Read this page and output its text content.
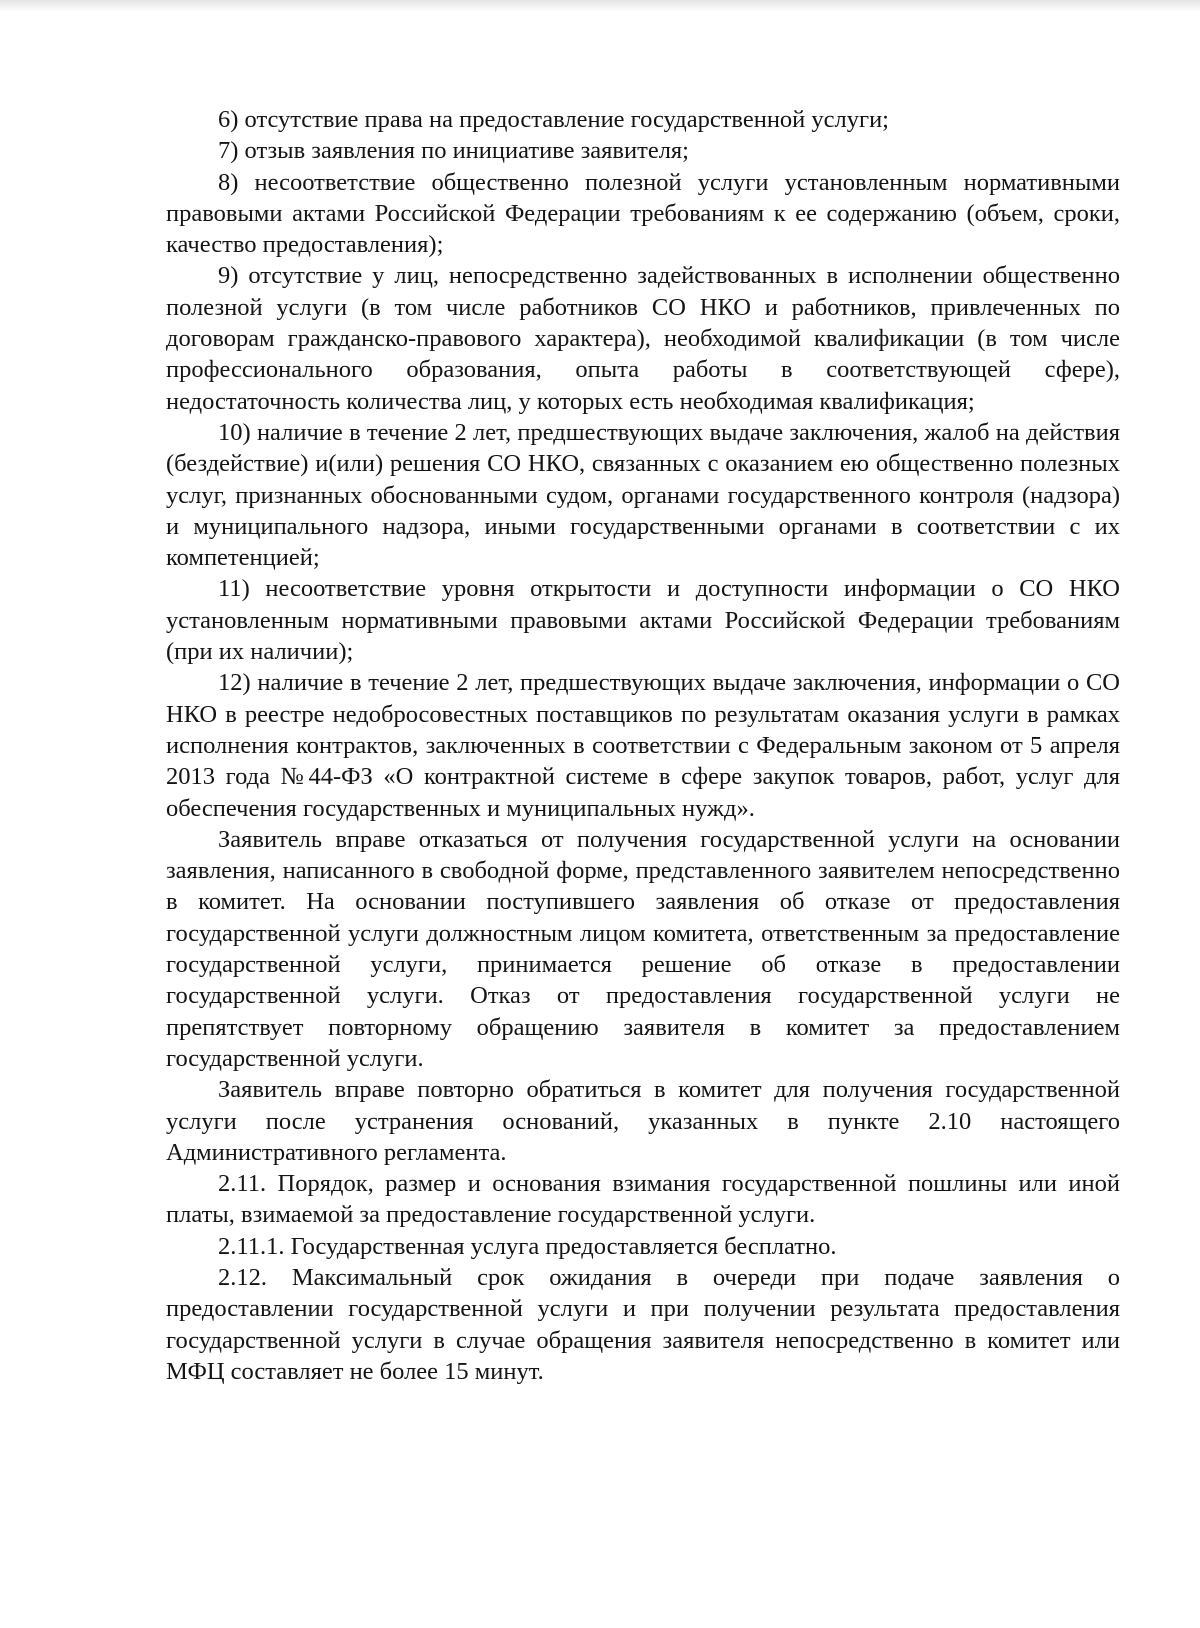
6) отсутствие права на предоставление государственной услуги;

7) отзыв заявления по инициативе заявителя;

8) несоответствие общественно полезной услуги установленным нормативными правовыми актами Российской Федерации требованиям к ее содержанию (объем, сроки, качество предоставления);

9) отсутствие у лиц, непосредственно задействованных в исполнении общественно полезной услуги (в том числе работников СО НКО и работников, привлеченных по договорам гражданско-правового характера), необходимой квалификации (в том числе профессионального образования, опыта работы в соответствующей сфере), недостаточность количества лиц, у которых есть необходимая квалификация;

10) наличие в течение 2 лет, предшествующих выдаче заключения, жалоб на действия (бездействие) и(или) решения СО НКО, связанных с оказанием ею общественно полезных услуг, признанных обоснованными судом, органами государственного контроля (надзора) и муниципального надзора, иными государственными органами в соответствии с их компетенцией;

11) несоответствие уровня открытости и доступности информации о СО НКО установленным нормативными правовыми актами Российской Федерации требованиям (при их наличии);

12) наличие в течение 2 лет, предшествующих выдаче заключения, информации о СО НКО в реестре недобросовестных поставщиков по результатам оказания услуги в рамках исполнения контрактов, заключенных в соответствии с Федеральным законом от 5 апреля 2013 года №44-ФЗ «О контрактной системе в сфере закупок товаров, работ, услуг для обеспечения государственных и муниципальных нужд».

Заявитель вправе отказаться от получения государственной услуги на основании заявления, написанного в свободной форме, представленного заявителем непосредственно в комитет. На основании поступившего заявления об отказе от предоставления государственной услуги должностным лицом комитета, ответственным за предоставление государственной услуги, принимается решение об отказе в предоставлении государственной услуги. Отказ от предоставления государственной услуги не препятствует повторному обращению заявителя в комитет за предоставлением государственной услуги.

Заявитель вправе повторно обратиться в комитет для получения государственной услуги после устранения оснований, указанных в пункте 2.10 настоящего Административного регламента.

2.11. Порядок, размер и основания взимания государственной пошлины или иной платы, взимаемой за предоставление государственной услуги.

2.11.1. Государственная услуга предоставляется бесплатно.

2.12. Максимальный срок ожидания в очереди при подаче заявления о предоставлении государственной услуги и при получении результата предоставления государственной услуги в случае обращения заявителя непосредственно в комитет или МФЦ составляет не более 15 минут.
